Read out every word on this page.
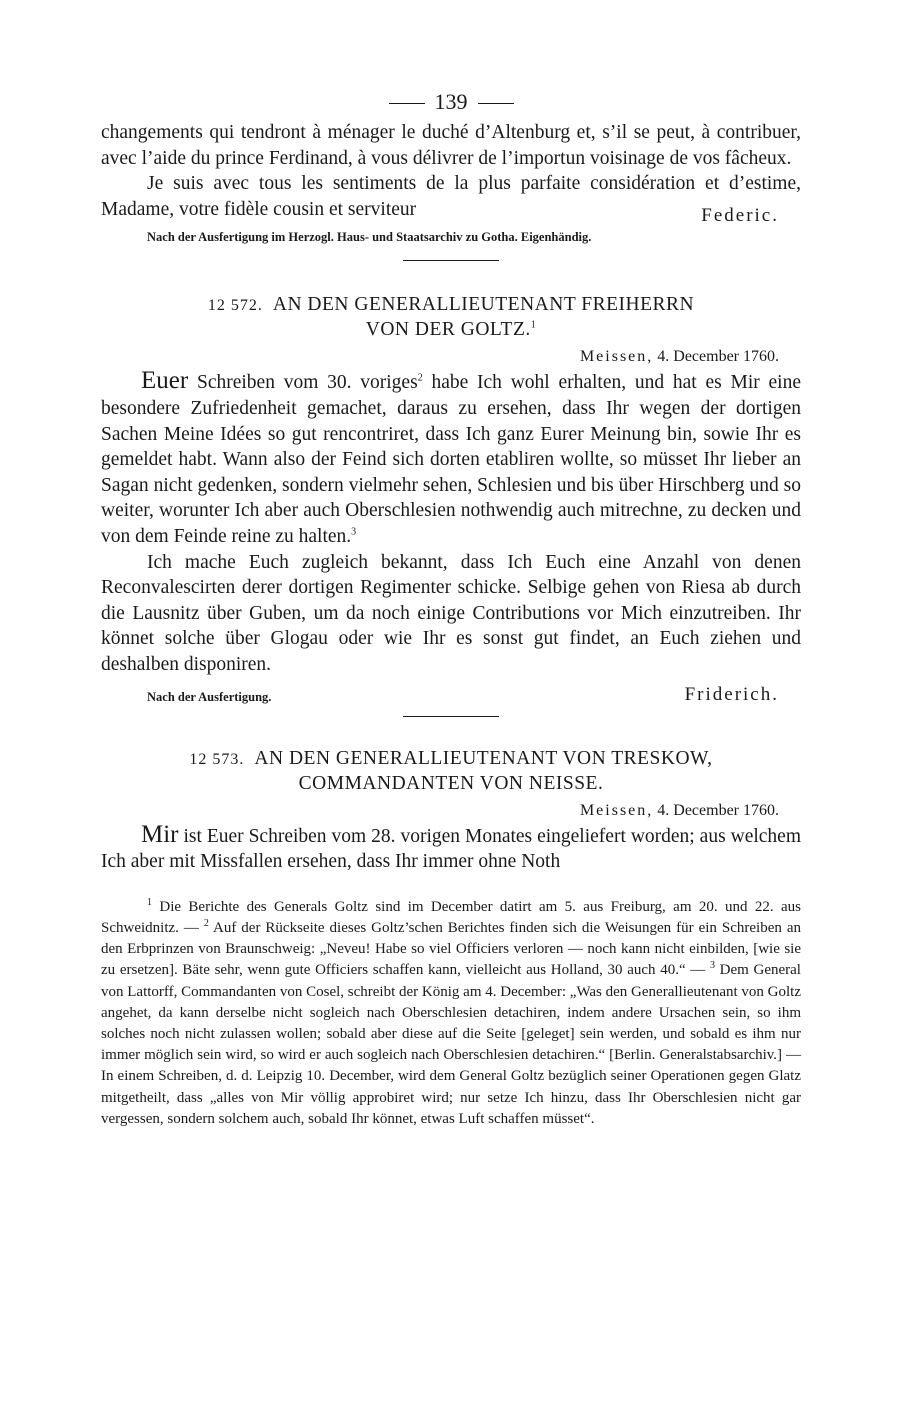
139

changements qui tendront à ménager le duché d’Altenburg et, s’il se peut, à contribuer, avec l’aide du prince Ferdinand, à vous délivrer de l’importun voisinage de vos fâcheux.

Je suis avec tous les sentiments de la plus parfaite considération et d’estime, Madame, votre fidèle cousin et serviteur	Federic.

Nach der Ausfertigung im Herzogl. Haus- und Staatsarchiv zu Gotha. Eigenhändig.
12 572. AN DEN GENERALLIEUTENANT FREIHERRN
VON DER GOLTZ.$^1$
Meissen, 4. December 1760.

Euer Schreiben vom 30. voriges$^2$ habe Ich wohl erhalten, und hat es Mir eine besondere Zufriedenheit gemachet, daraus zu ersehen, dass Ihr wegen der dortigen Sachen Meine Idées so gut rencontriret, dass Ich ganz Eurer Meinung bin, sowie Ihr es gemeldet habt. Wann also der Feind sich dorten etabliren wollte, so müsset Ihr lieber an Sagan nicht gedenken, sondern vielmehr sehen, Schlesien und bis über Hirschberg und so weiter, worunter Ich aber auch Oberschlesien nothwendig auch mitrechne, zu decken und von dem Feinde reine zu halten.$^3$

Ich mache Euch zugleich bekannt, dass Ich Euch eine Anzahl von denen Reconvalescirten derer dortigen Regimenter schicke. Selbige gehen von Riesa ab durch die Lausnitz über Guben, um da noch einige Contributions vor Mich einzutreiben. Ihr könnet solche über Glogau oder wie Ihr es sonst gut findet, an Euch ziehen und deshalben disponiren.

Nach der Ausfertigung.	Friderich.
12 573. AN DEN GENERALLIEUTENANT VON TRESKOW,
COMMANDANTEN VON NEISSE.
Meissen, 4. December 1760.

Mir ist Euer Schreiben vom 28. vorigen Monates eingeliefert worden; aus welchem Ich aber mit Missfallen ersehen, dass Ihr immer ohne Noth

$^1$ Die Berichte des Generals Goltz sind im December datirt am 5. aus Freiburg, am 20. und 22. aus Schweidnitz. — $^2$ Auf der Rückseite dieses Goltz’schen Berichtes finden sich die Weisungen für ein Schreiben an den Erbprinzen von Braunschweig: „Neveu! Habe so viel Officiers verloren — noch kann nicht einbilden, [wie sie zu ersetzen]. Bäte sehr, wenn gute Officiers schaffen kann, vielleicht aus Holland, 30 auch 40.“ — $^3$ Dem General von Lattorff, Commandanten von Cosel, schreibt der König am 4. December: „Was den Generallieutenant von Goltz angehet, da kann derselbe nicht sogleich nach Oberschlesien detachiren, indem andere Ursachen sein, so ihm solches noch nicht zulassen wollen; sobald aber diese auf die Seite [geleget] sein werden, und sobald es ihm nur immer möglich sein wird, so wird er auch sogleich nach Oberschlesien detachiren.“ [Berlin. Generalstabsarchiv.] — In einem Schreiben, d. d. Leipzig 10. December, wird dem General Goltz bezüglich seiner Operationen gegen Glatz mitgetheilt, dass „alles von Mir völlig approbiret wird; nur setze Ich hinzu, dass Ihr Oberschlesien nicht gar vergessen, sondern solchem auch, sobald Ihr könnet, etwas Luft schaffen müsset“.
